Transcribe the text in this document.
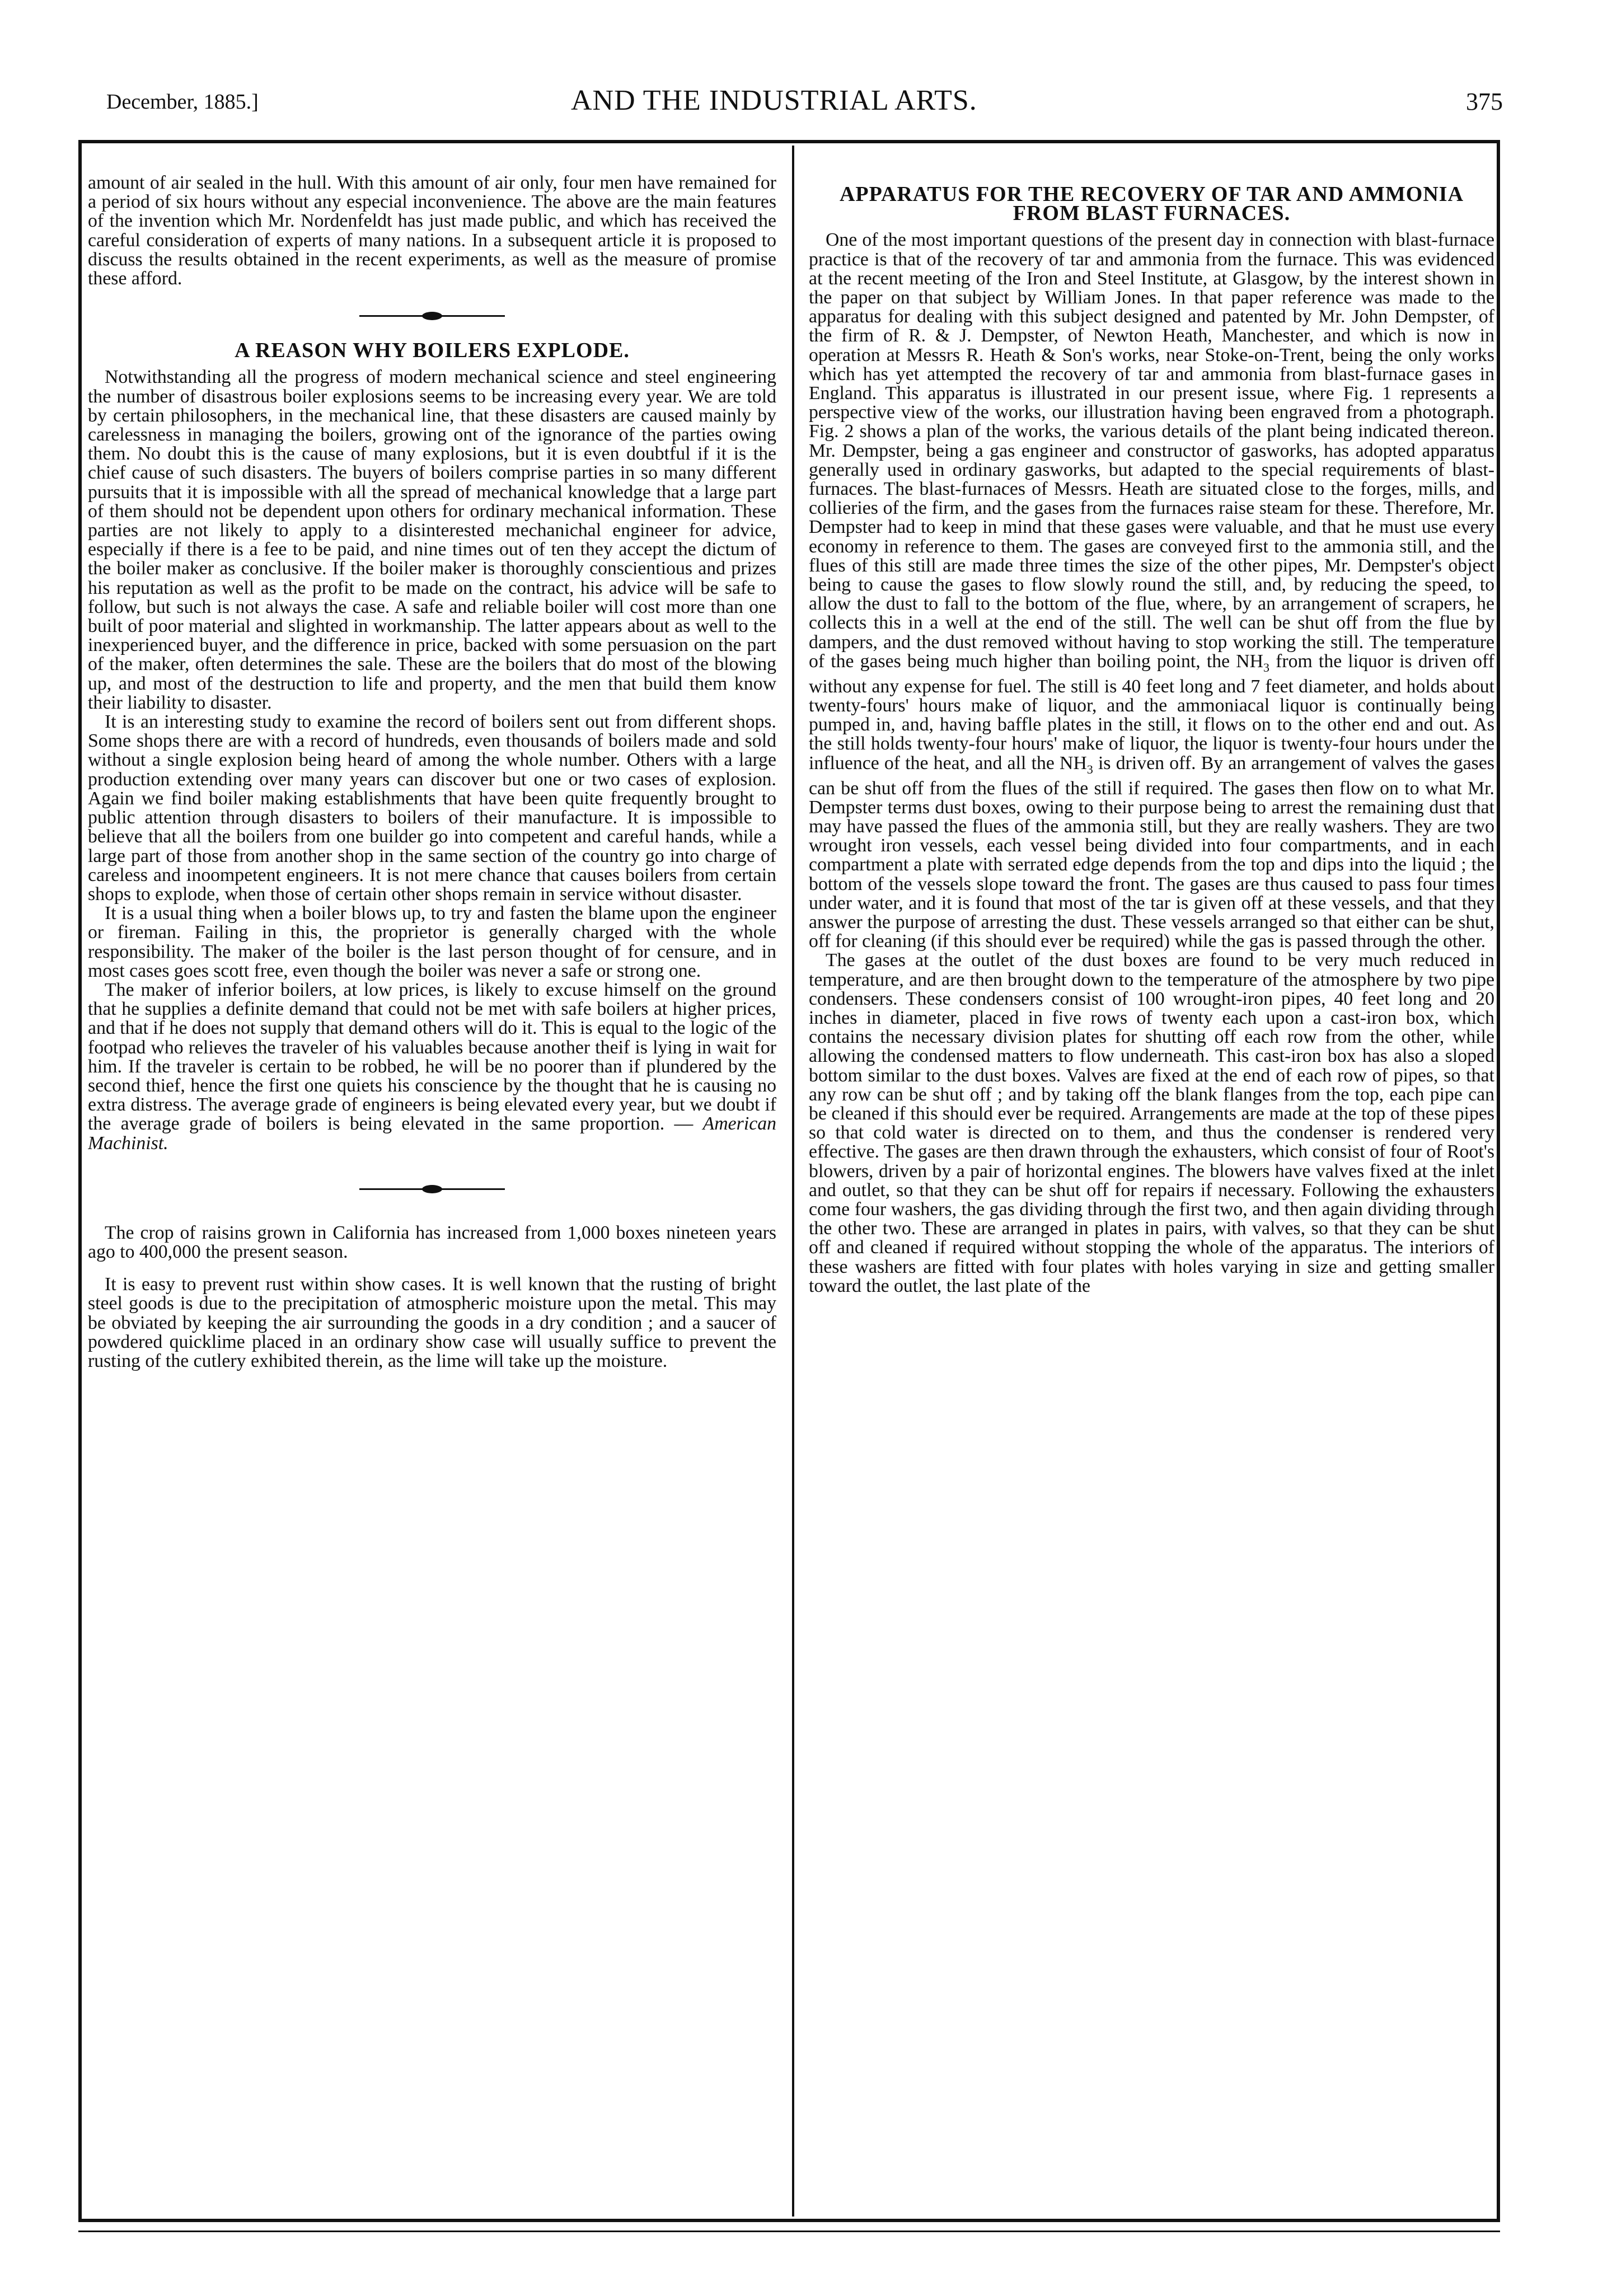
December, 1885.]	AND THE INDUSTRIAL ARTS.	375

amount of air sealed in the hull. With this amount of air only, four men have remained for a period of six hours without any especial inconvenience. The above are the main features of the invention which Mr. Nordenfeldt has just made public, and which has received the careful consideration of experts of many nations. In a subsequent article it is proposed to discuss the results obtained in the recent experiments, as well as the measure of promise these afford.

A REASON WHY BOILERS EXPLODE.

Notwithstanding all the progress of modern mechanical science and steel engineering the number of disastrous boiler explosions seems to be increasing every year. We are told by certain philosophers, in the mechanical line, that these disasters are caused mainly by carelessness in managing the boilers, growing ont of the ignorance of the parties owing them. No doubt this is the cause of many explosions, but it is even doubtful if it is the chief cause of such disasters. The buyers of boilers comprise parties in so many different pursuits that it is impossible with all the spread of mechanical knowledge that a large part of them should not be dependent upon others for ordinary mechanical information. These parties are not likely to apply to a disinterested mechanichal engineer for advice, especially if there is a fee to be paid, and nine times out of ten they accept the dictum of the boiler maker as conclusive. If the boiler maker is thoroughly conscientious and prizes his reputation as well as the profit to be made on the contract, his advice will be safe to follow, but such is not always the case. A safe and reliable boiler will cost more than one built of poor material and slighted in workmanship. The latter appears about as well to the inexperienced buyer, and the difference in price, backed with some persuasion on the part of the maker, often determines the sale. These are the boilers that do most of the blowing up, and most of the destruction to life and property, and the men that build them know their liability to disaster.

It is an interesting study to examine the record of boilers sent out from different shops. Some shops there are with a record of hundreds, even thousands of boilers made and sold without a single explosion being heard of among the whole number. Others with a large production extending over many years can discover but one or two cases of explosion. Again we find boiler making establishments that have been quite frequently brought to public attention through disasters to boilers of their manufacture. It is impossible to believe that all the boilers from one builder go into competent and careful hands, while a large part of those from another shop in the same section of the country go into charge of careless and inoompetent engineers. It is not mere chance that causes boilers from certain shops to explode, when those of certain other shops remain in service without disaster.

It is a usual thing when a boiler blows up, to try and fasten the blame upon the engineer or fireman. Failing in this, the proprietor is generally charged with the whole responsibility. The maker of the boiler is the last person thought of for censure, and in most cases goes scott free, even though the boiler was never a safe or strong one.

The maker of inferior boilers, at low prices, is likely to excuse himself on the ground that he supplies a definite demand that could not be met with safe boilers at higher prices, and that if he does not supply that demand others will do it. This is equal to the logic of the footpad who relieves the traveler of his valuables because another theif is lying in wait for him. If the traveler is certain to be robbed, he will be no poorer than if plundered by the second thief, hence the first one quiets his conscience by the thought that he is causing no extra distress. The average grade of engineers is being elevated every year, but we doubt if the average grade of boilers is being elevated in the same proportion. — American Machinist.

The crop of raisins grown in California has increased from 1,000 boxes nineteen years ago to 400,000 the present season.

It is easy to prevent rust within show cases. It is well known that the rusting of bright steel goods is due to the precipitation of atmospheric moisture upon the metal. This may be obviated by keeping the air surrounding the goods in a dry condition ; and a saucer of powdered quicklime placed in an ordinary show case will usually suffice to prevent the rusting of the cutlery exhibited therein, as the lime will take up the moisture.

APPARATUS FOR THE RECOVERY OF TAR AND AMMONIA FROM BLAST FURNACES.

One of the most important questions of the present day in connection with blast-furnace practice is that of the recovery of tar and ammonia from the furnace. This was evidenced at the recent meeting of the Iron and Steel Institute, at Glasgow, by the interest shown in the paper on that subject by William Jones. In that paper reference was made to the apparatus for dealing with this subject designed and patented by Mr. John Dempster, of the firm of R. & J. Dempster, of Newton Heath, Manchester, and which is now in operation at Messrs R. Heath & Son's works, near Stoke-on-Trent, being the only works which has yet attempted the recovery of tar and ammonia from blast-furnace gases in England. This apparatus is illustrated in our present issue, where Fig. 1 represents a perspective view of the works, our illustration having been engraved from a photograph. Fig. 2 shows a plan of the works, the various details of the plant being indicated thereon. Mr. Dempster, being a gas engineer and constructor of gasworks, has adopted apparatus generally used in ordinary gasworks, but adapted to the special requirements of blast-furnaces. The blast-furnaces of Messrs. Heath are situated close to the forges, mills, and collieries of the firm, and the gases from the furnaces raise steam for these. Therefore, Mr. Dempster had to keep in mind that these gases were valuable, and that he must use every economy in reference to them. The gases are conveyed first to the ammonia still, and the flues of this still are made three times the size of the other pipes, Mr. Dempster's object being to cause the gases to flow slowly round the still, and, by reducing the speed, to allow the dust to fall to the bottom of the flue, where, by an arrangement of scrapers, he collects this in a well at the end of the still. The well can be shut off from the flue by dampers, and the dust removed without having to stop working the still. The temperature of the gases being much higher than boiling point, the $NH_3$ from the liquor is driven off without any expense for fuel. The still is 40 feet long and 7 feet diameter, and holds about twenty-fours' hours make of liquor, and the ammoniacal liquor is continually being pumped in, and, having baffle plates in the still, it flows on to the other end and out. As the still holds twenty-four hours' make of liquor, the liquor is twenty-four hours under the influence of the heat, and all the $NH_3$ is driven off. By an arrangement of valves the gases can be shut off from the flues of the still if required. The gases then flow on to what Mr. Dempster terms dust boxes, owing to their purpose being to arrest the remaining dust that may have passed the flues of the ammonia still, but they are really washers. They are two wrought iron vessels, each vessel being divided into four compartments, and in each compartment a plate with serrated edge depends from the top and dips into the liquid ; the bottom of the vessels slope toward the front. The gases are thus caused to pass four times under water, and it is found that most of the tar is given off at these vessels, and that they answer the purpose of arresting the dust. These vessels arranged so that either can be shut, off for cleaning (if this should ever be required) while the gas is passed through the other.

The gases at the outlet of the dust boxes are found to be very much reduced in temperature, and are then brought down to the temperature of the atmosphere by two pipe condensers. These condensers consist of 100 wrought-iron pipes, 40 feet long and 20 inches in diameter, placed in five rows of twenty each upon a cast-iron box, which contains the necessary division plates for shutting off each row from the other, while allowing the condensed matters to flow underneath. This cast-iron box has also a sloped bottom similar to the dust boxes. Valves are fixed at the end of each row of pipes, so that any row can be shut off ; and by taking off the blank flanges from the top, each pipe can be cleaned if this should ever be required. Arrangements are made at the top of these pipes so that cold water is directed on to them, and thus the condenser is rendered very effective. The gases are then drawn through the exhausters, which consist of four of Root's blowers, driven by a pair of horizontal engines. The blowers have valves fixed at the inlet and outlet, so that they can be shut off for repairs if necessary. Following the exhausters come four washers, the gas dividing through the first two, and then again dividing through the other two. These are arranged in plates in pairs, with valves, so that they can be shut off and cleaned if required without stopping the whole of the apparatus. The interiors of these washers are fitted with four plates with holes varying in size and getting smaller toward the outlet, the last plate of the
